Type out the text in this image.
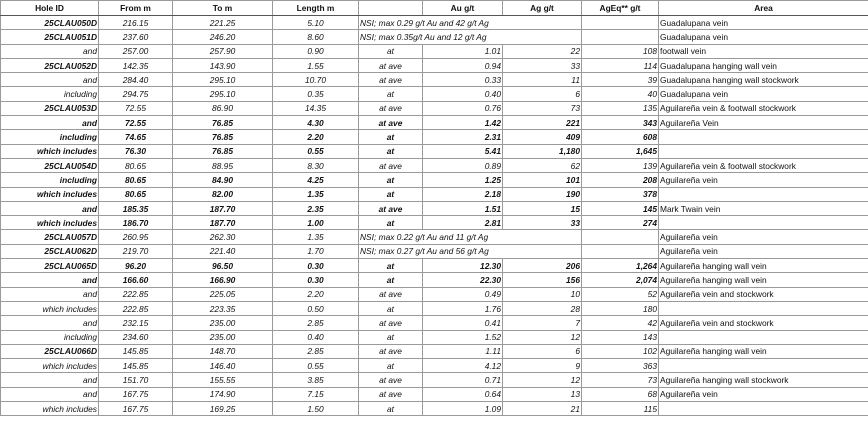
Hole ID	From m	To m	Length m		Au g/t	Ag g/t	AgEq** g/t	Area
25CLAU050D	216.15	221.25	5.10	NSI; max 0.29 g/t Au and 42 g/t Ag				Guadalupana vein
25CLAU051D	237.60	246.20	8.60	NSI; max 0.35g/t Au and 12 g/t Ag				Guadalupana vein
and	257.00	257.90	0.90	at	1.01	22	108	footwall vein
25CLAU052D	142.35	143.90	1.55	at ave	0.94	33	114	Guadalupana hanging wall vein
and	284.40	295.10	10.70	at ave	0.33	11	39	Guadalupana hanging wall stockwork
including	294.75	295.10	0.35	at	0.40	6	40	Guadalupana vein
25CLAU053D	72.55	86.90	14.35	at ave	0.76	73	135	Aguilareña vein & footwall stockwork
and	72.55	76.85	4.30	at ave	1.42	221	343	Aguilareña Vein
including	74.65	76.85	2.20	at	2.31	409	608	
which includes	76.30	76.85	0.55	at	5.41	1,180	1,645	
25CLAU054D	80.65	88.95	8.30	at ave	0.89	62	139	Aguilareña vein & footwall stockwork
including	80.65	84.90	4.25	at	1.25	101	208	Aguilareña vein
which includes	80.65	82.00	1.35	at	2.18	190	378	
and	185.35	187.70	2.35	at ave	1.51	15	145	Mark Twain vein
which includes	186.70	187.70	1.00	at	2.81	33	274	
25CLAU057D	260.95	262.30	1.35	NSI; max 0.22 g/t Au and 11 g/t Ag				Aguilareña vein
25CLAU062D	219.70	221.40	1.70	NSI; max 0.27 g/t Au and 56 g/t Ag				Aguilareña vein
25CLAU065D	96.20	96.50	0.30	at	12.30	206	1,264	Aguilareña hanging wall vein
and	166.60	166.90	0.30	at	22.30	156	2,074	Aguilareña hanging wall vein
and	222.85	225.05	2.20	at ave	0.49	10	52	Aguilareña vein and stockwork
which includes	222.85	223.35	0.50	at	1.76	28	180	
and	232.15	235.00	2.85	at ave	0.41	7	42	Aguilareña vein and stockwork
including	234.60	235.00	0.40	at	1.52	12	143	
25CLAU066D	145.85	148.70	2.85	at ave	1.11	6	102	Aguilareña hanging wall vein
which includes	145.85	146.40	0.55	at	4.12	9	363	
and	151.70	155.55	3.85	at ave	0.71	12	73	Aguilareña hanging wall stockwork
and	167.75	174.90	7.15	at ave	0.64	13	68	Aguilareña vein
which includes	167.75	169.25	1.50	at	1.09	21	115	
